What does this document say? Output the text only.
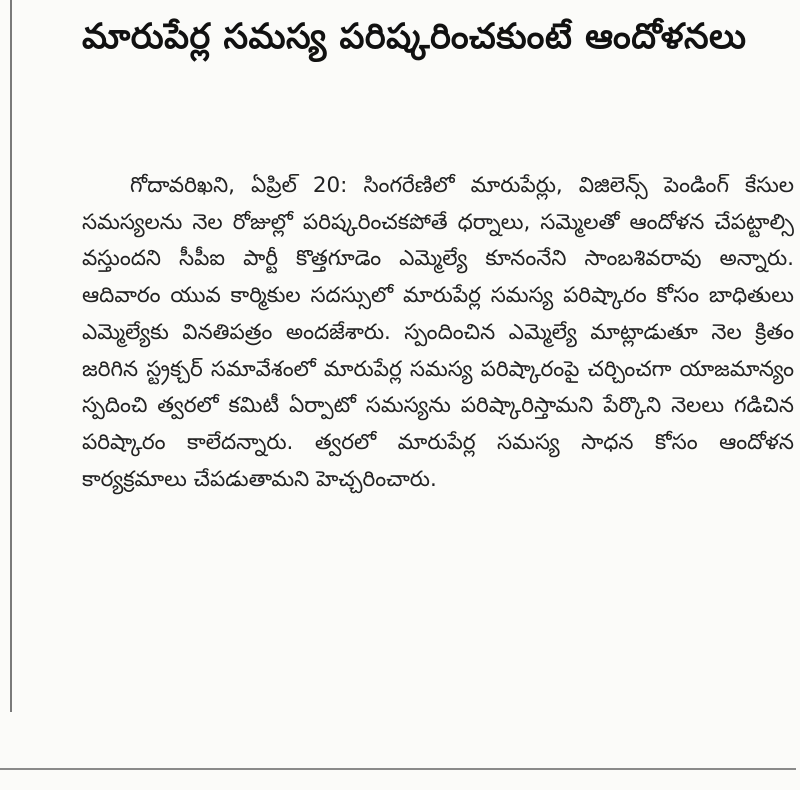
మారుపేర్ల సమస్య పరిష్కరించకుంటే ఆందోళనలు

గోదావరిఖని, ఏప్రిల్ 20: సింగరేణిలో మారుపేర్లు, విజిలెన్స్ పెండింగ్ కేసుల సమస్యలను నెల రోజుల్లో పరిష్కరించకపోతే ధర్నాలు, సమ్మెలతో ఆందోళన చేపట్టాల్సి వస్తుందని సీపీఐ పార్టీ కొత్తగూడెం ఎమ్మెల్యే కూనంనేని సాంబశివరావు అన్నారు. ఆదివారం యువ కార్మికుల సదస్సులో మారుపేర్ల సమస్య పరిష్కారం కోసం బాధితులు ఎమ్మెల్యేకు వినతిపత్రం అందజేశారు. స్పందించిన ఎమ్మెల్యే మాట్లాడుతూ నెల క్రితం జరిగిన స్ట్రక్చర్ సమావేశంలో మారుపేర్ల సమస్య పరిష్కారంపై చర్చించగా యాజమాన్యం స్పదించి త్వరలో కమిటీ ఏర్పాటో సమస్యను పరిష్కారిస్తామని పేర్కొని నెలలు గడిచిన పరిష్కారం కాలేదన్నారు. త్వరలో మారుపేర్ల సమస్య సాధన కోసం ఆందోళన కార్యక్రమాలు చేపడుతామని హెచ్చరించారు.
